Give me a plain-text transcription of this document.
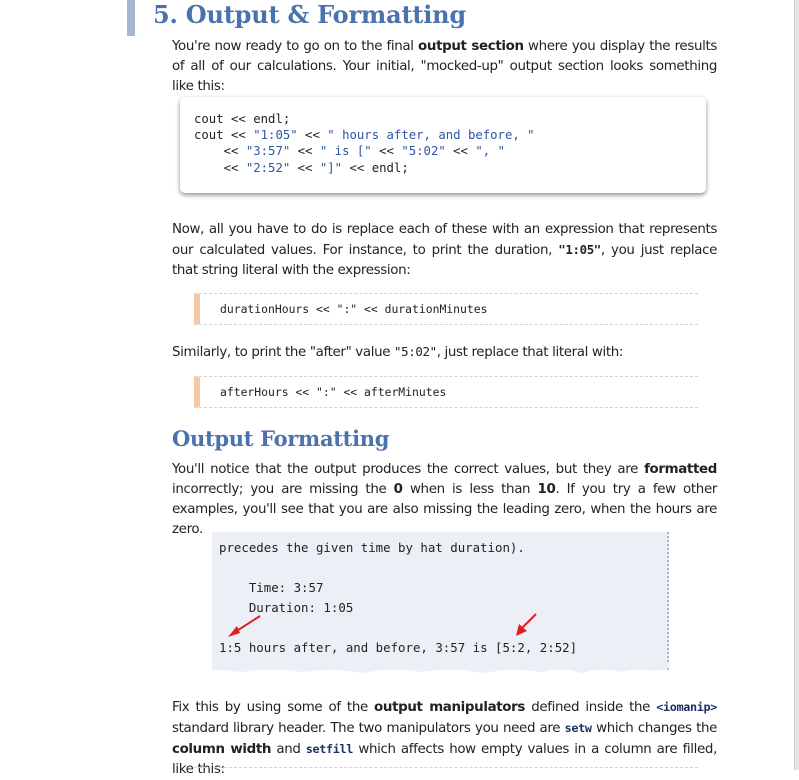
5. Output & Formatting
You're now ready to go on to the final output section where you display the results of all of our calculations. Your initial, "mocked-up" output section looks something like this:
cout << endl;
cout << "1:05" << " hours after, and before, "
<< "3:57" << " is [" << "5:02" << ", "
<< "2:52" << "]" << endl;
Now, all you have to do is replace each of these with an expression that represents our calculated values. For instance, to print the duration, "1:05", you just replace that string literal with the expression:
durationHours << ":" << durationMinutes
Similarly, to print the "after" value "5:02", just replace that literal with:
afterHours << ":" << afterMinutes
Output Formatting
You'll notice that the output produces the correct values, but they are formatted incorrectly; you are missing the 0 when is less than 10. If you try a few other examples, you'll see that you are also missing the leading zero, when the hours are zero.
precedes the given time by hat duration).
Time: 3:57
Duration: 1:05
1:5 hours after, and before, 3:57 is [5:2, 2:52]
Fix this by using some of the output manipulators defined inside the <iomanip> standard library header. The two manipulators you need are setw which changes the column width and setfill which affects how empty values in a column are filled, like this:
